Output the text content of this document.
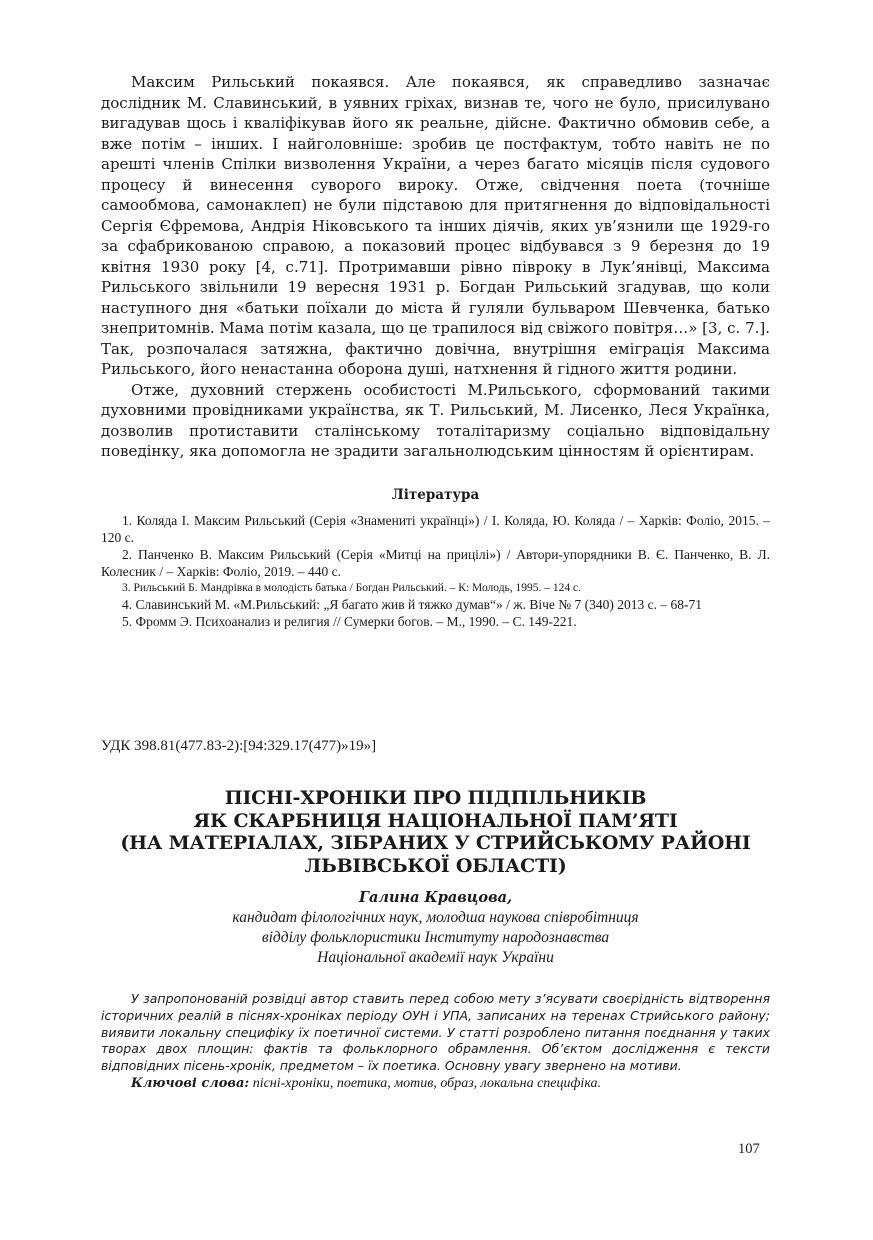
Максим Рильський покаявся. Але покаявся, як справедливо зазначає дослідник М. Славинський, в уявних гріхах, визнав те, чого не було, присилувано вигадував щось і кваліфікував його як реальне, дійсне. Фактично обмовив себе, а вже потім – інших. І найголовніше: зробив це постфактум, тобто навіть не по арешті членів Спілки визволення України, а через багато місяців після судового процесу й винесення суворого вироку. Отже, свідчення поета (точніше самообмова, самонаклеп) не були підставою для притягнення до відповідальності Сергія Єфремова, Андрія Ніковського та інших діячів, яких ув’язнили ще 1929-го за сфабрикованою справою, а показовий процес відбувався з 9 березня до 19 квітня 1930 року [4, с.71]. Протримавши рівно півроку в Лук’янівці, Максима Рильського звільнили 19 вересня 1931 р. Богдан Рильський згадував, що коли наступного дня «батьки поїхали до міста й гуляли бульваром Шевченка, батько знепритомнів. Мама потім казала, що це трапилося від свіжого повітря…» [3, с. 7.]. Так, розпочалася затяжна, фактично довічна, внутрішня еміграція Максима Рильського, його ненастанна оборона душі, натхнення й гідного життя родини.

Отже, духовний стержень особистості М.Рильського, сформований такими духовними провідниками українства, як Т. Рильський, М. Лисенко, Леся Українка, дозволив протиставити сталінському тоталітаризму соціально відповідальну поведінку, яка допомогла не зрадити загальнолюдським цінностям й орієнтирам.

Література

1. Коляда І. Максим Рильський (Серія «Знамениті українці») / І. Коляда, Ю. Коляда / – Харків: Фоліо, 2015. – 120 с.

2. Панченко В. Максим Рильський (Серія «Митці на прицілі») / Автори-упорядники В. Є. Панченко, В. Л. Колесник / – Харків: Фоліо, 2019. – 440 с.

3. Рильський Б. Мандрівка в молодість батька / Богдан Рильський. – К: Молодь, 1995. – 124 с.

4. Славинський М. «М.Рильський: „Я багато жив й тяжко думав“» / ж. Віче № 7 (340) 2013 с. – 68-71

5. Фромм Э. Психоанализ и религия // Сумерки богов. – М., 1990. – С. 149-221.

УДК 398.81(477.83-2):[94:329.17(477)»19»]

ПІСНІ-ХРОНІКИ ПРО ПІДПІЛЬНИКІВ

ЯК СКАРБНИЦЯ НАЦІОНАЛЬНОЇ ПАМ’ЯТІ

(НА МАТЕРІАЛАХ, ЗІБРАНИХ У СТРИЙСЬКОМУ РАЙОНІ

ЛЬВІВСЬКОЇ ОБЛАСТІ)

Галина Кравцова,
кандидат філологічних наук, молодша наукова співробітниця
відділу фольклористики Інституту народознавства
Національної академії наук України

У запропонованій розвідці автор ставить перед собою мету з’ясувати своєрідність відтворення історичних реалій в піснях-хроніках періоду ОУН і УПА, записаних на теренах Стрийського району; виявити локальну специфіку їх поетичної системи. У статті розроблено питання поєднання у таких творах двох площин: фактів та фольклорного обрамлення. Об’єктом дослідження є тексти відповідних пісень-хронік, предметом – їх поетика. Основну увагу звернено на мотиви.

Ключові слова: пісні-хроніки, поетика, мотив, образ, локальна специфіка.

107
